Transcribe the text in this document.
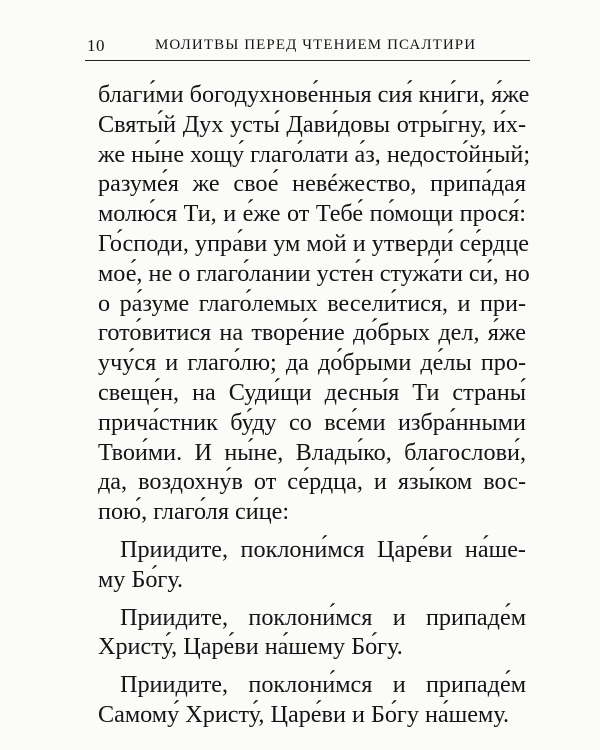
10	МОЛИТВЫ ПЕРЕД ЧТЕНИЕМ ПСАЛТИРИ
благи́ми богодухнове́нныя сия́ кни́ги, я́же
Святы́й Дух усты́ Дави́довы отры́гну, и́х-
же ны́не хощу́ глаго́лати а́з, недосто́йный;
разуме́я же свое́ невéжество, припа́дая
молю́ся Ти, и е́же от Тебе́ по́мощи прося́:
Го́споди, упра́ви ум мой и утверди́ се́рдце
мое́, не о глаго́лании усте́н стужа́ти си́, но
о ра́зуме глаго́лемых весели́тися, и при-
гото́витися на творе́ние до́брых дел, я́же
учу́ся и глаго́лю; да до́брыми де́лы про-
свеще́н, на Суди́щи десны́я Ти страны́
прича́стник бу́ду со все́ми избра́нными
Твои́ми. И ны́не, Влады́ко, благослови́,
да, воздохну́в от се́рдца, и язы́ком вос-
пою́, глаго́ля си́це:
Приидите, поклони́мся Царе́ви на́ше-
му Бо́гу.
Приидите, поклони́мся и припаде́м
Христу́, Царе́ви на́шему Бо́гу.
Приидите, поклони́мся и припаде́м
Самому́ Христу́, Царе́ви и Бо́гу на́шему.
